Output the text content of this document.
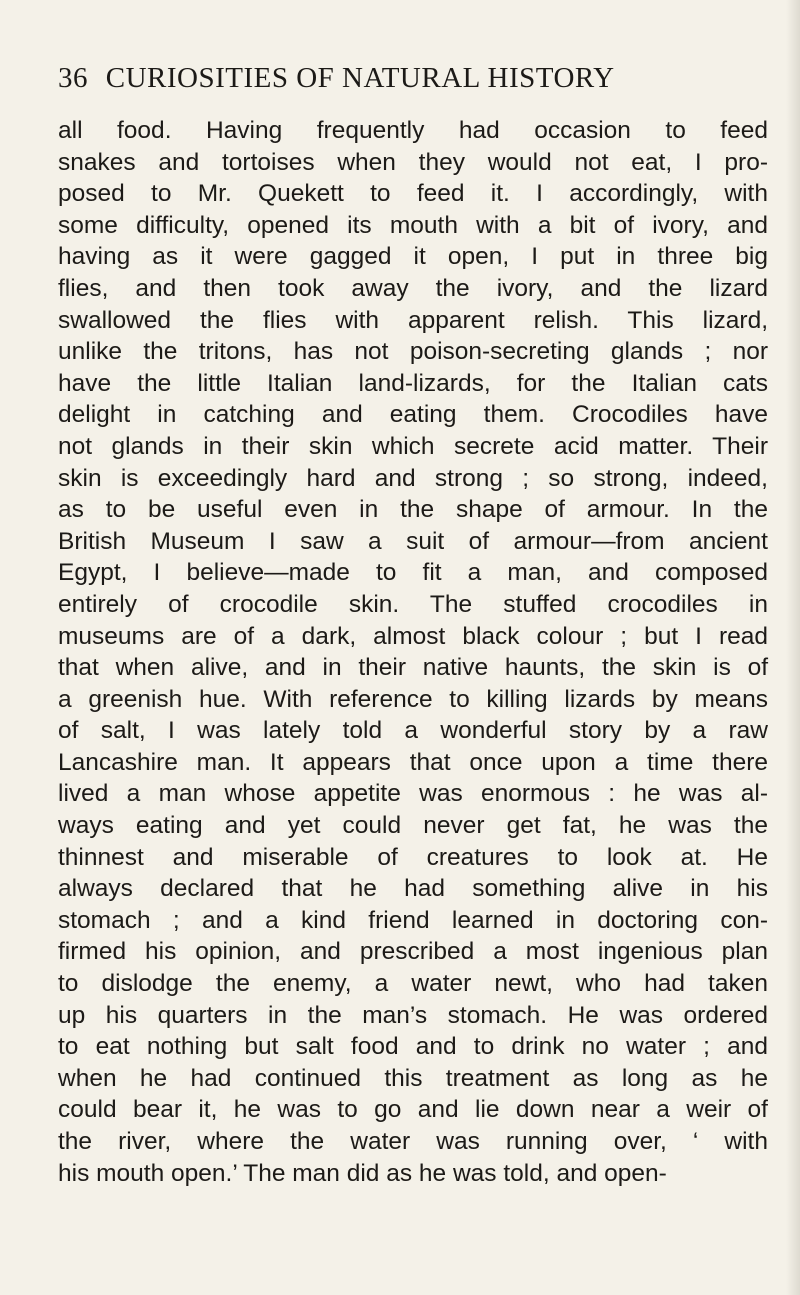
36 CURIOSITIES OF NATURAL HISTORY
all food. Having frequently had occasion to feed
snakes and tortoises when they would not eat, I pro-
posed to Mr. Quekett to feed it. I accordingly, with
some difficulty, opened its mouth with a bit of ivory, and
having as it were gagged it open, I put in three big
flies, and then took away the ivory, and the lizard
swallowed the flies with apparent relish. This lizard,
unlike the tritons, has not poison-secreting glands ; nor
have the little Italian land-lizards, for the Italian cats
delight in catching and eating them. Crocodiles have
not glands in their skin which secrete acid matter. Their
skin is exceedingly hard and strong ; so strong, indeed,
as to be useful even in the shape of armour. In the
British Museum I saw a suit of armour—from ancient
Egypt, I believe—made to fit a man, and composed
entirely of crocodile skin. The stuffed crocodiles in
museums are of a dark, almost black colour ; but I read
that when alive, and in their native haunts, the skin is of
a greenish hue. With reference to killing lizards by means
of salt, I was lately told a wonderful story by a raw
Lancashire man. It appears that once upon a time there
lived a man whose appetite was enormous : he was al-
ways eating and yet could never get fat, he was the
thinnest and miserable of creatures to look at. He
always declared that he had something alive in his
stomach ; and a kind friend learned in doctoring con-
firmed his opinion, and prescribed a most ingenious plan
to dislodge the enemy, a water newt, who had taken
up his quarters in the man’s stomach. He was ordered
to eat nothing but salt food and to drink no water ; and
when he had continued this treatment as long as he
could bear it, he was to go and lie down near a weir of
the river, where the water was running over, ‘ with
his mouth open.’ The man did as he was told, and open-
